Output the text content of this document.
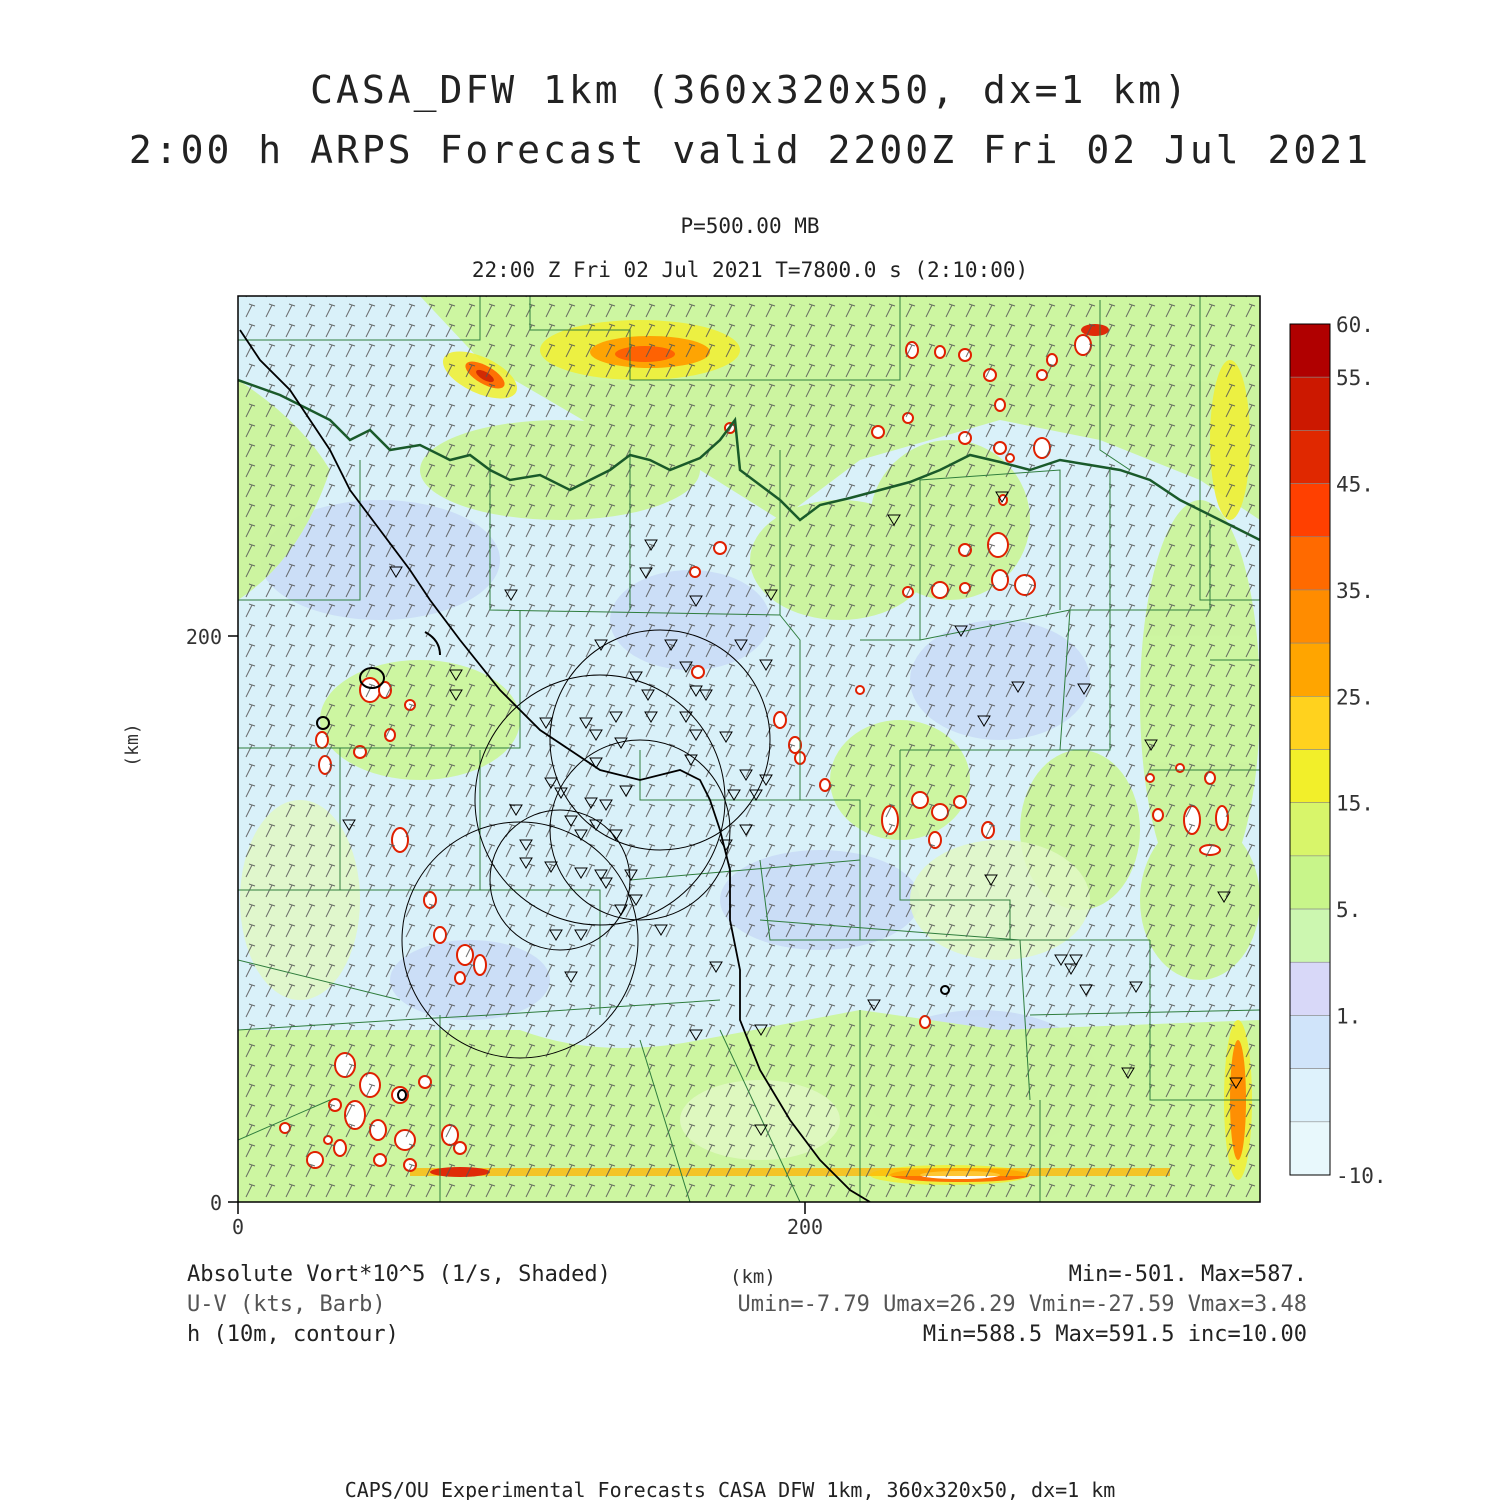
CASA_DFW 1km (360x320x50, dx=1 km)
2:00 h ARPS Forecast valid 2200Z Fri 02 Jul 2021
P=500.00 MB
22:00 Z Fri 02 Jul 2021 T=7800.0 s (2:10:00)
0	200
0
200
(km)
60.
55.
45.
35.
25.
15.
5.
1.
-10.
Absolute Vort*10^5 (1/s, Shaded)	(km)	Min=-501. Max=587.
U-V (kts, Barb)	Umin=-7.79 Umax=26.29 Vmin=-27.59 Vmax=3.48
h (10m, contour)	Min=588.5 Max=591.5 inc=10.00
CAPS/OU Experimental Forecasts CASA DFW 1km, 360x320x50, dx=1 km
